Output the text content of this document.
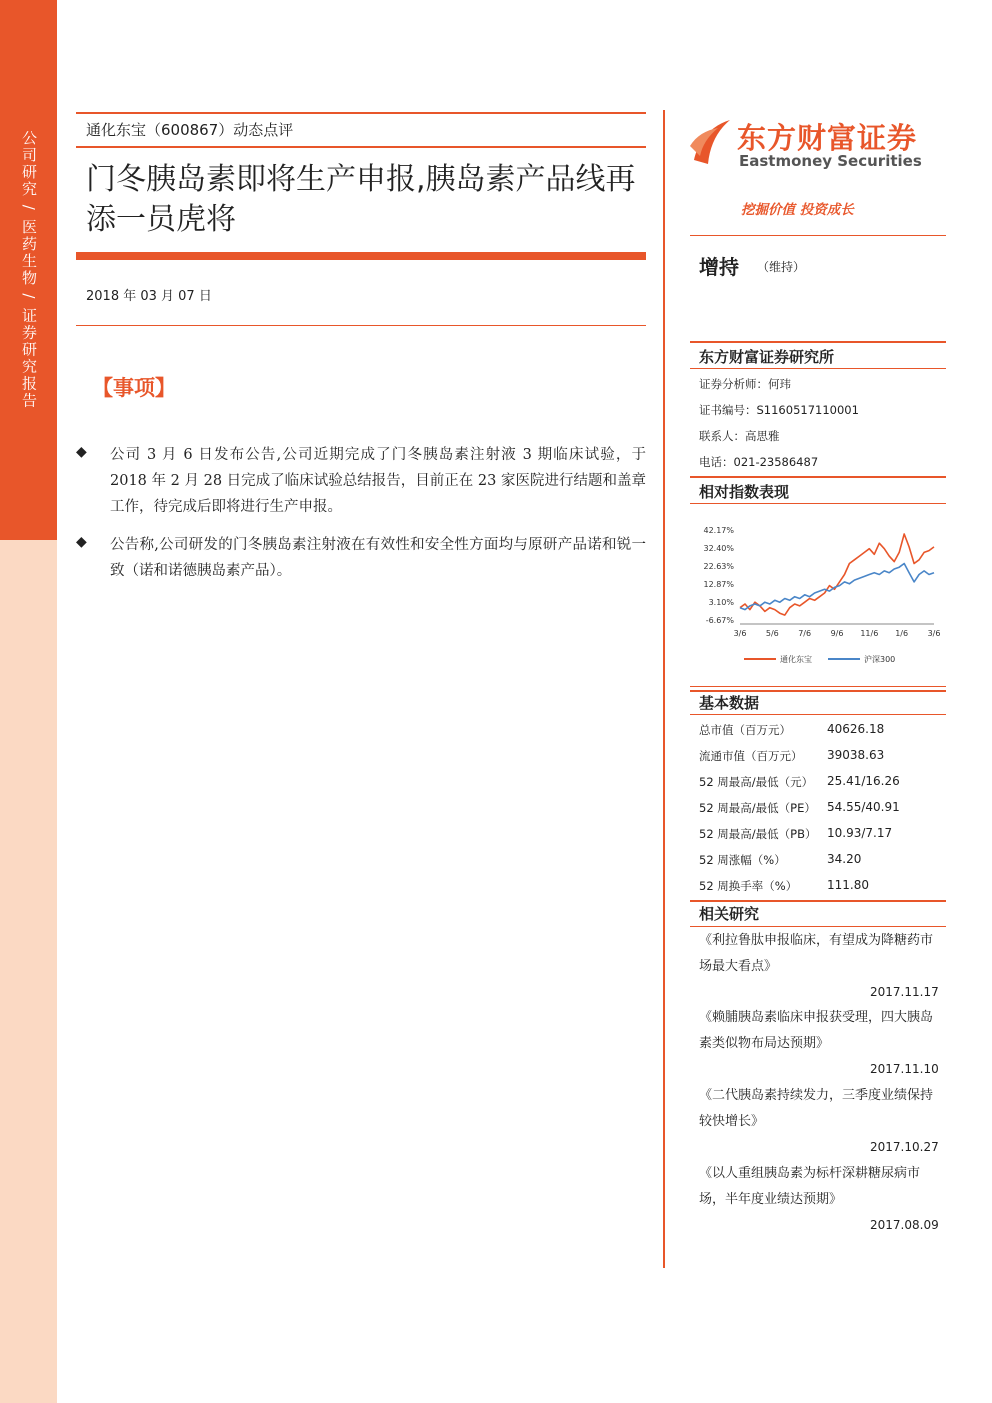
公司研究 / 医药生物 / 证券研究报告	通化东宝（600867）动态点评
门冬胰岛素即将生产申报,胰岛素产品线再添一员虎将
2018 年 03 月 07 日
【事项】
◆ 公司 3 月 6 日发布公告,公司近期完成了门冬胰岛素注射液 3 期临床试验，于 2018 年 2 月 28 日完成了临床试验总结报告，目前正在 23 家医院进行结题和盖章工作，待完成后即将进行生产申报。
◆ 公告称,公司研发的门冬胰岛素注射液在有效性和安全性方面均与原研产品诺和锐一致（诺和诺德胰岛素产品）。
东方财富证券
Eastmoney Securities
挖掘价值 投资成长
增持 （维持）
东方财富证券研究所
证券分析师：何玮
证书编号：S1160517110001
联系人：高思雅
电话：021-23586487
相对指数表现
42.17%
32.40%
22.63%
12.87%
3.10%
-6.67%
3/6 5/6 7/6 9/6 11/6 1/6 3/6
通化东宝	沪深300
基本数据
总市值（百万元）	40626.18
流通市值（百万元） 39038.63
52 周最高/最低（元） 25.41/16.26
52 周最高/最低（PE） 54.55/40.91
52 周最高/最低（PB） 10.93/7.17
52 周涨幅（%）	34.20
52 周换手率（%） 111.80
相关研究
《利拉鲁肽申报临床，有望成为降糖药市场最大看点》
2017.11.17
《赖脯胰岛素临床申报获受理，四大胰岛素类似物布局达预期》
2017.11.10
《二代胰岛素持续发力，三季度业绩保持较快增长》
2017.10.27
《以人重组胰岛素为标杆深耕糖尿病市场，半年度业绩达预期》
2017.08.09
